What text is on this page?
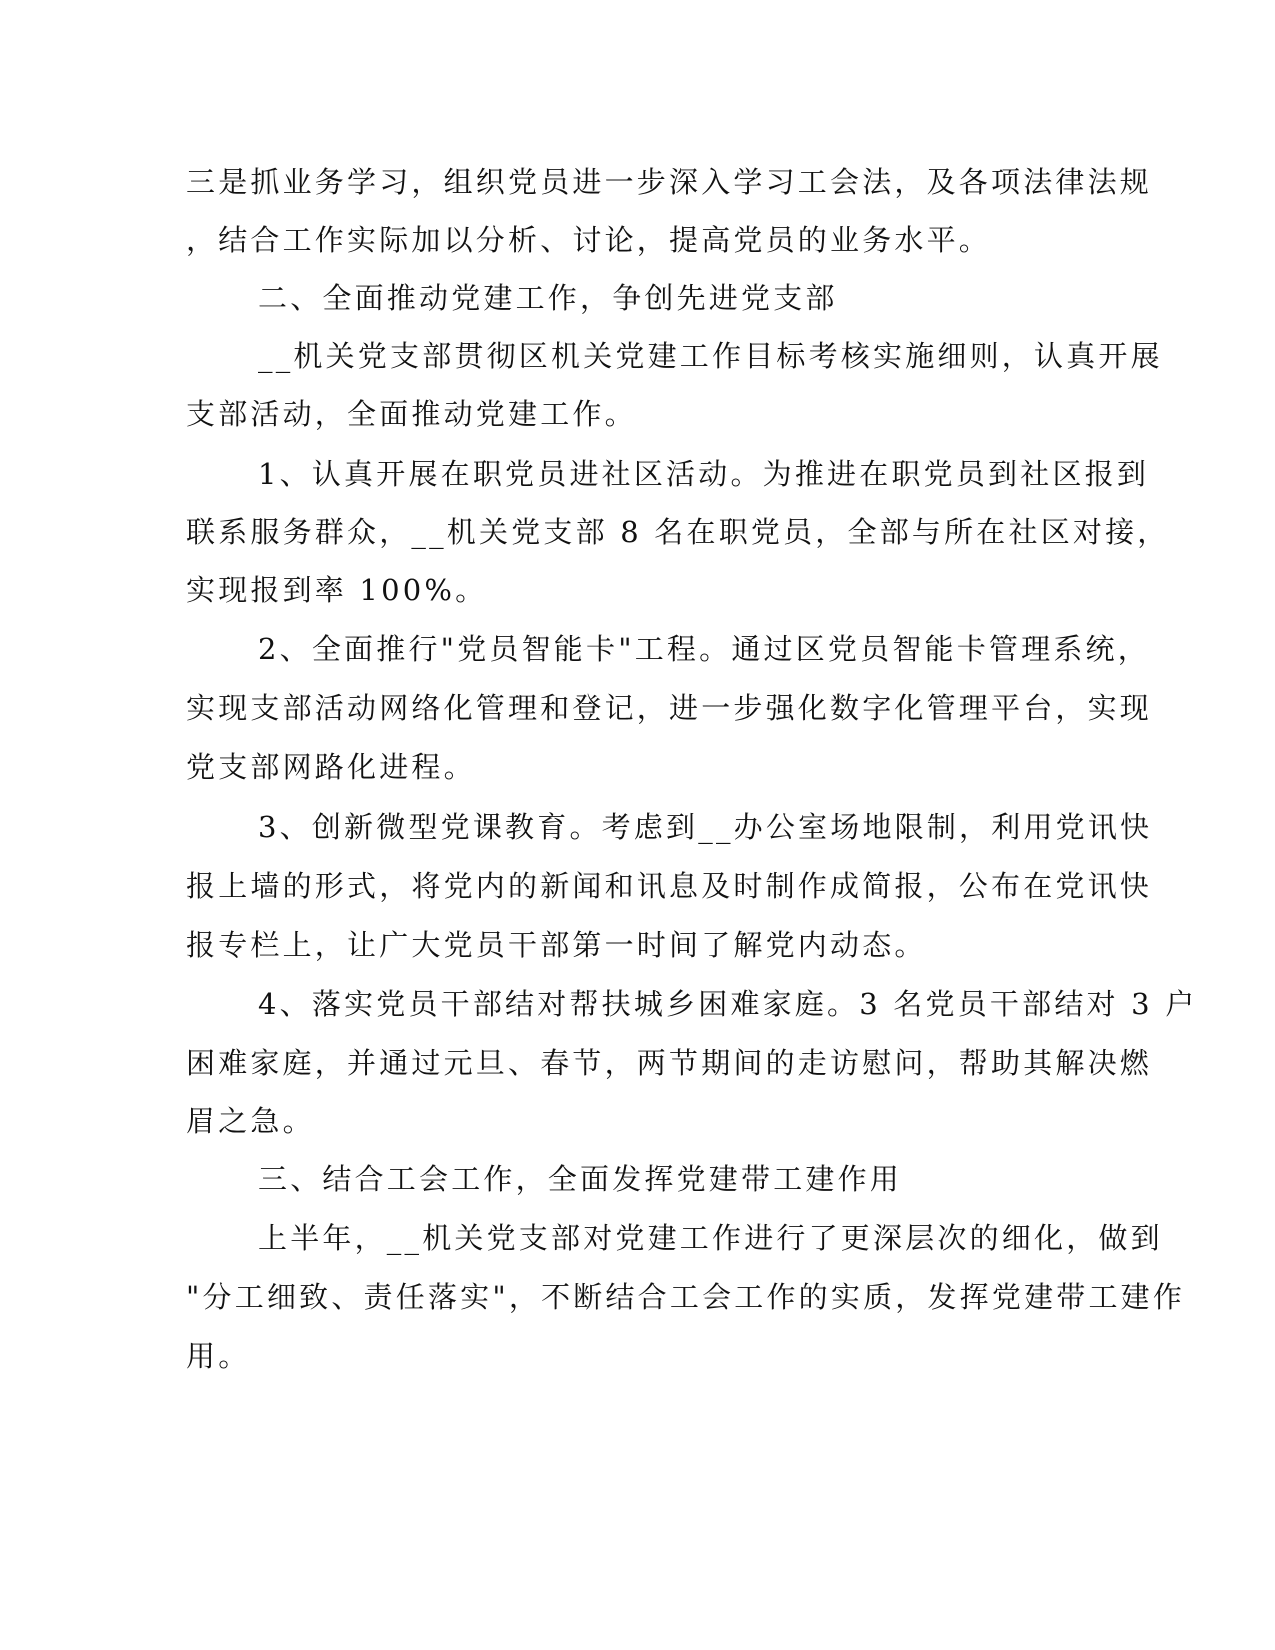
三是抓业务学习，组织党员进一步深入学习工会法，及各项法律法规

，结合工作实际加以分析、讨论，提高党员的业务水平。

二、全面推动党建工作，争创先进党支部

__机关党支部贯彻区机关党建工作目标考核实施细则，认真开展

支部活动，全面推动党建工作。

1、认真开展在职党员进社区活动。为推进在职党员到社区报到

联系服务群众，__机关党支部 8 名在职党员，全部与所在社区对接，

实现报到率 100%。

2、全面推行"党员智能卡"工程。通过区党员智能卡管理系统，

实现支部活动网络化管理和登记，进一步强化数字化管理平台，实现

党支部网路化进程。

3、创新微型党课教育。考虑到__办公室场地限制，利用党讯快

报上墙的形式，将党内的新闻和讯息及时制作成简报，公布在党讯快

报专栏上，让广大党员干部第一时间了解党内动态。

4、落实党员干部结对帮扶城乡困难家庭。3 名党员干部结对 3 户

困难家庭，并通过元旦、春节，两节期间的走访慰问，帮助其解决燃

眉之急。

三、结合工会工作，全面发挥党建带工建作用

上半年，__机关党支部对党建工作进行了更深层次的细化，做到

"分工细致、责任落实"，不断结合工会工作的实质，发挥党建带工建作

用。
